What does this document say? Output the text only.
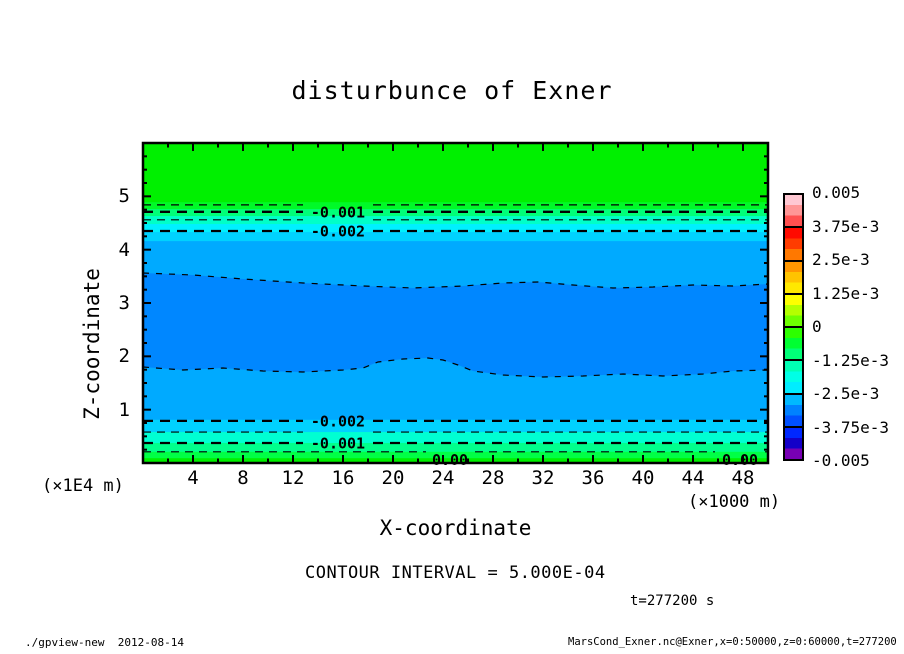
disturbunce of Exner
Z-coordinate
(×1E4 m)
-0.001
-0.002
-0.002
-0.001
0.00	0.00
(×1000 m)
X-coordinate
CONTOUR INTERVAL = 5.000E-04
t=277200 s
./gpview-new  2012-08-14	MarsCond_Exner.nc@Exner,x=0:50000,z=0:60000,t=277200
1
2
3
4
5
4	8	12	16	20	24	28	32	36	40	44	48
0.005
3.75e-3
2.5e-3
1.25e-3
0
-1.25e-3
-2.5e-3
-3.75e-3
-0.005
